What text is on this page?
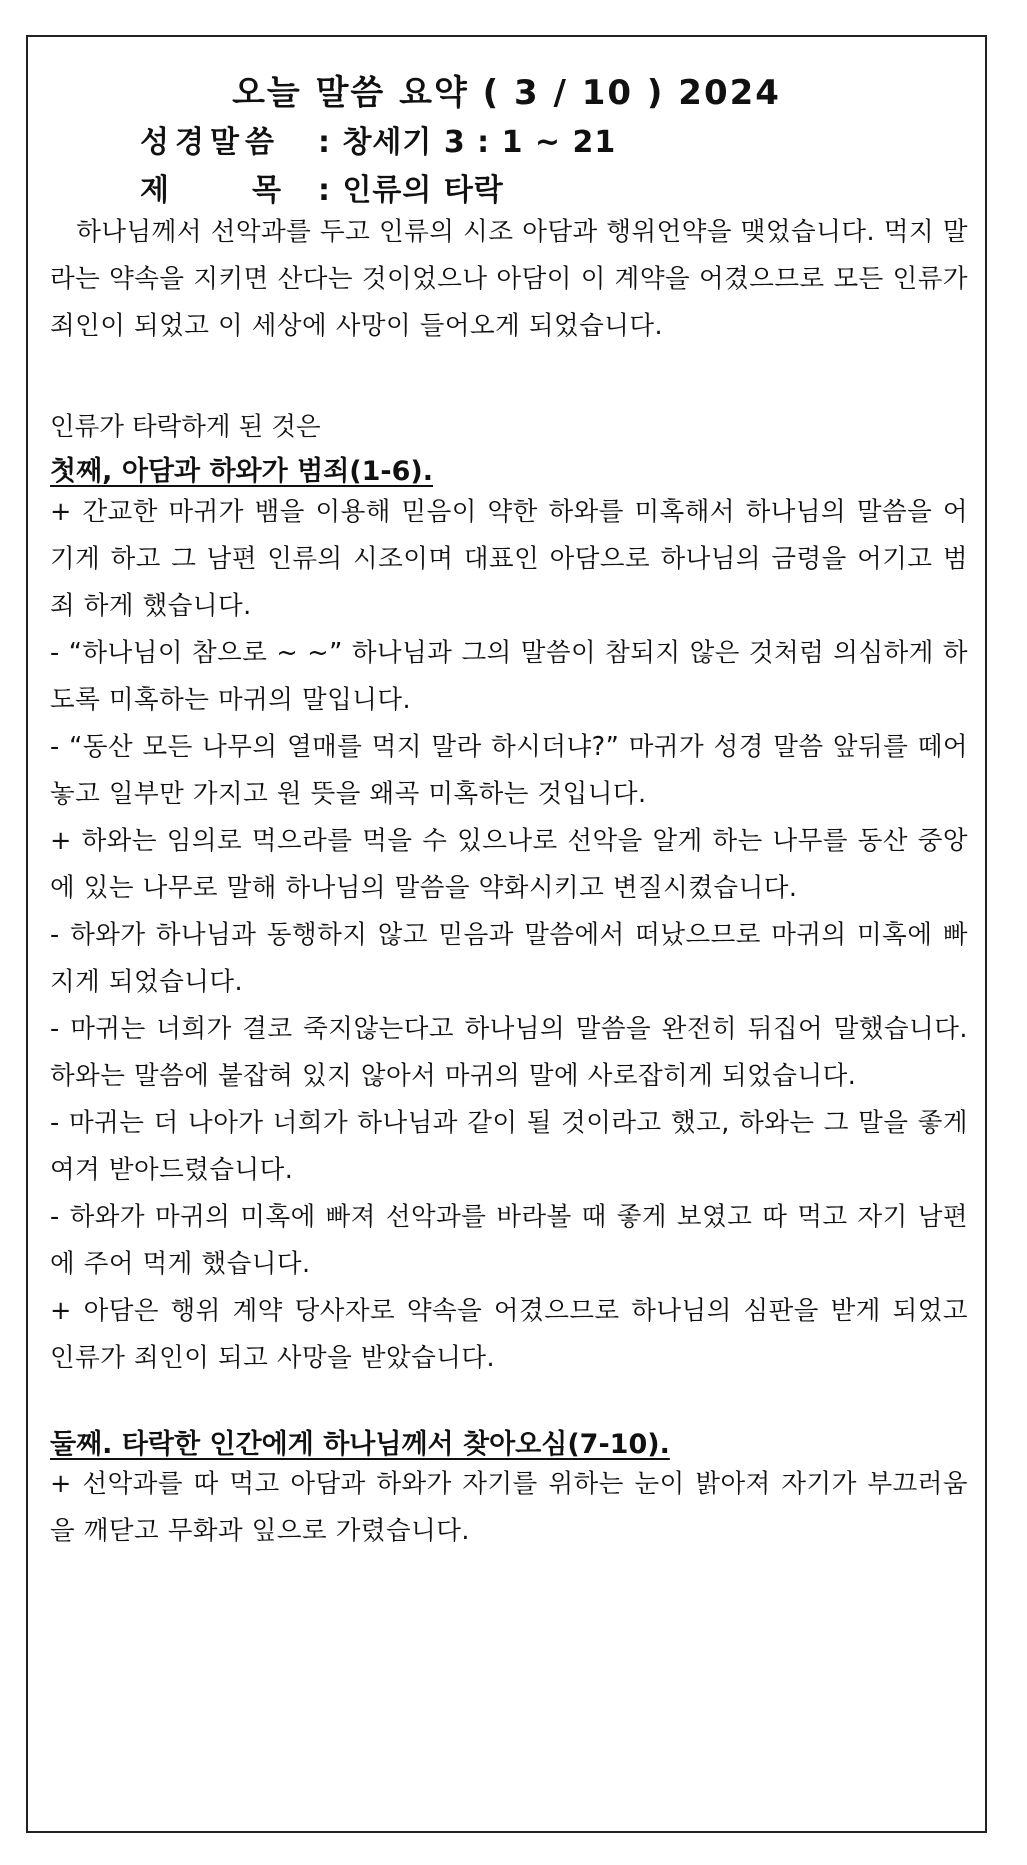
오늘 말씀 요약 ( 3 / 10 ) 2024
성경말씀 : 창세기 3 : 1 ~ 21
제	목 : 인류의 타락
하나님께서 선악과를 두고 인류의 시조 아담과 행위언약을 맺었습니다. 먹지 말라는 약속을 지키면 산다는 것이었으나 아담이 이 계약을 어겼으므로 모든 인류가 죄인이 되었고 이 세상에 사망이 들어오게 되었습니다.
인류가 타락하게 된 것은
첫째, 아담과 하와가 범죄(1-6).
+ 간교한 마귀가 뱀을 이용해 믿음이 약한 하와를 미혹해서 하나님의 말씀을 어기게 하고 그 남편 인류의 시조이며 대표인 아담으로 하나님의 금령을 어기고 범죄 하게 했습니다.
- “하나님이 참으로 ~ ~” 하나님과 그의 말씀이 참되지 않은 것처럼 의심하게 하도록 미혹하는 마귀의 말입니다.
- “동산 모든 나무의 열매를 먹지 말라 하시더냐?” 마귀가 성경 말씀 앞뒤를 떼어놓고 일부만 가지고 원 뜻을 왜곡 미혹하는 것입니다.
+ 하와는 임의로 먹으라를 먹을 수 있으나로 선악을 알게 하는 나무를 동산 중앙에 있는 나무로 말해 하나님의 말씀을 약화시키고 변질시켰습니다.
- 하와가 하나님과 동행하지 않고 믿음과 말씀에서 떠났으므로 마귀의 미혹에 빠지게 되었습니다.
- 마귀는 너희가 결코 죽지않는다고 하나님의 말씀을 완전히 뒤집어 말했습니다. 하와는 말씀에 붙잡혀 있지 않아서 마귀의 말에 사로잡히게 되었습니다.
- 마귀는 더 나아가 너희가 하나님과 같이 될 것이라고 했고, 하와는 그 말을 좋게 여겨 받아드렸습니다.
- 하와가 마귀의 미혹에 빠져 선악과를 바라볼 때 좋게 보였고 따 먹고 자기 남편에 주어 먹게 했습니다.
+ 아담은 행위 계약 당사자로 약속을 어겼으므로 하나님의 심판을 받게 되었고 인류가 죄인이 되고 사망을 받았습니다.
둘째. 타락한 인간에게 하나님께서 찾아오심(7-10).
+ 선악과를 따 먹고 아담과 하와가 자기를 위하는 눈이 밝아져 자기가 부끄러움을 깨닫고 무화과 잎으로 가렸습니다.
